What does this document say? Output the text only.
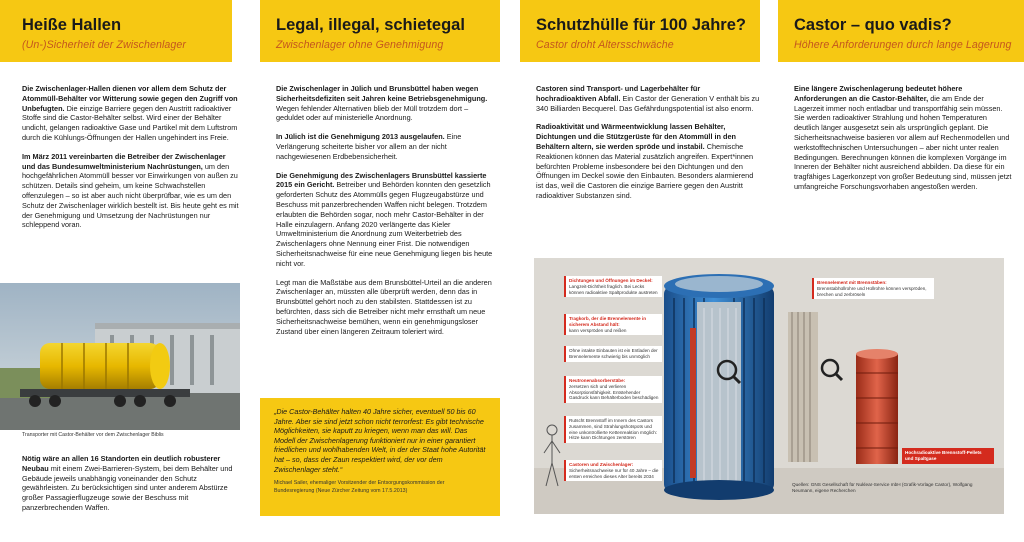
Heiße Hallen
(Un-)Sicherheit der Zwischenlager

Die Zwischenlager-Hallen dienen vor allem dem Schutz der Atommüll-Behälter vor Witterung sowie gegen den Zugriff von Unbefugten. Die einzige Barriere gegen den Austritt radioaktiver Stoffe sind die Castor-Behälter selbst. Wird einer der Behälter undicht, gelangen radioaktive Gase und Partikel mit dem Luftstrom durch die Kühlungs-Öffnungen der Hallen ungehindert ins Freie.

Im März 2011 vereinbarten die Betreiber der Zwischenlager und das Bundesumweltministerium Nachrüstungen, um den hochgefährlichen Atommüll besser vor Einwirkungen von außen zu schützen. Details sind geheim, um keine Schwachstellen offenzulegen – so ist aber auch nicht überprüfbar, wie es um den Schutz der Zwischenlager wirklich bestellt ist. Bis heute geht es mit der Genehmigung und Umsetzung der Nachrüstungen nur schleppend voran.

Transporter mit Castor-Behälter vor dem Zwischenlager Biblis

Nötig wäre an allen 16 Standorten ein deutlich robusterer Neubau mit einem Zwei-Barrieren-System, bei dem Behälter und Gebäude jeweils unabhängig voneinander den Schutz gewährleisten. Zu berücksichtigen sind unter anderem Abstürze großer Passagierflugzeuge sowie der Beschuss mit panzerbrechenden Waffen.

Legal, illegal, schietegal
Zwischenlager ohne Genehmigung

Die Zwischenlager in Jülich und Brunsbüttel haben wegen Sicherheitsdefiziten seit Jahren keine Betriebsgenehmigung. Wegen fehlender Alternativen blieb der Müll trotzdem dort – geduldet oder auf ministerielle Anordnung.

In Jülich ist die Genehmigung 2013 ausgelaufen. Eine Verlängerung scheiterte bisher vor allem an der nicht nachgewiesenen Erdbebensicherheit.

Die Genehmigung des Zwischenlagers Brunsbüttel kassierte 2015 ein Gericht. Betreiber und Behörden konnten den gesetzlich geforderten Schutz des Atommülls gegen Flugzeugabstürze und Beschuss mit panzerbrechenden Waffen nicht belegen. Trotzdem erlaubten die Behörden sogar, noch mehr Castor-Behälter in der Halle einzulagern. Anfang 2020 verlängerte das Kieler Umweltministerium die Anordnung zum Weiterbetrieb des Zwischenlagers ohne Nennung einer Frist. Die notwendigen Sicherheitsnachweise für eine neue Genehmigung liegen bis heute nicht vor.

Legt man die Maßstäbe aus dem Brunsbüttel-Urteil an die anderen Zwischenlager an, müssten alle überprüft werden, denn das in Brunsbüttel gehört noch zu den stabilsten. Stattdessen ist zu befürchten, dass sich die Betreiber nicht mehr ernsthaft um neue Sicherheitsnachweise bemühen, wenn ein genehmigungsloser Zustand über einen längeren Zeitraum toleriert wird.

„Die Castor-Behälter halten 40 Jahre sicher, eventuell 50 bis 60 Jahre. Aber sie sind jetzt schon nicht terrorfest: Es gibt technische Möglichkeiten, sie kaputt zu kriegen, wenn man das will. Das Modell der Zwischenlagerung funktioniert nur in einer garantiert friedlichen und wohlhabenden Welt, in der der Staat hohe Autorität hat – so, dass der Zaun respektiert wird, der vor dem Zwischenlager steht.“

Michael Sailer, ehemaliger Vorsitzender der Entsorgungskommission der Bundesregierung (Neue Zürcher Zeitung vom 17.5.2013)

Schutzhülle für 100 Jahre?
Castor droht Altersschwäche

Castoren sind Transport- und Lagerbehälter für hochradioaktiven Abfall. Ein Castor der Generation V enthält bis zu 340 Billiarden Becquerel. Das Gefährdungspotential ist also enorm.

Radioaktivität und Wärmeentwicklung lassen Behälter, Dichtungen und die Stützgerüste für den Atommüll in den Behältern altern, sie werden spröde und instabil. Chemische Reaktionen können das Material zusätzlich angreifen. Expert*innen befürchten Probleme insbesondere bei den Dichtungen und den Öffnungen im Deckel sowie den Einbauten. Besonders alarmierend ist das, weil die Castoren die einzige Barriere gegen den Austritt radioaktiver Substanzen sind.

Castor – quo vadis?
Höhere Anforderungen durch lange Lagerung

Eine längere Zwischenlagerung bedeutet höhere Anforderungen an die Castor-Behälter, die am Ende der Lagerzeit immer noch entladbar und transportfähig sein müssen. Sie werden radioaktiver Strahlung und hohen Temperaturen deutlich länger ausgesetzt sein als ursprünglich geplant. Die Sicherheitsnachweise basieren vor allem auf Rechenmodellen und werkstofftechnischen Untersuchungen – aber nicht unter realen Bedingungen. Berechnungen können die komplexen Vorgänge im Inneren der Behälter nicht ausreichend abbilden. Da diese für ein tragfähiges Lagerkonzept von großer Bedeutung sind, müssen jetzt umfangreiche Forschungsvorhaben angestoßen werden.

Dichtungen und Öffnungen im Deckel:
Langzeit-Dichtheit fraglich. Bei Lecks können radioaktive Spaltprodukte austreten
Tragkorb, der die Brennelemente in sicherem Abstand hält:
kann verspröden und reißen
Ohne intakte Einbauten ist ein Entladen der Brennelemente schwierig bis unmöglich
Neutronenabsorberstäbe:
zersetzen sich und verlieren Absorptionsfähigkeit. Entstehender Gasdruck kann Behälterboden beschädigen
Rutscht Brennstoff im Innern des Castors zusammen, sind Strahlungshotspots und eine unkontrollierte Kettenreaktion möglich: Hitze kann Dichtungen zerstören
Castoren und Zwischenlager:
Sicherheitsnachweise nur für 40 Jahre – die ersten erreichen dieses Alter bereits 2034
Brennelement mit Brennstäben:
Brennstabhüllrohre und Hüllrohre können verspröden, brechen und zerbröseln
Hochradioaktive Brennstoff-Pellets und Spaltgase
Quellen: GNS Gesellschaft für Nuklear-Service mbH (Grafik-Vorlage Castor), Wolfgang Neumann, eigene Recherchen
